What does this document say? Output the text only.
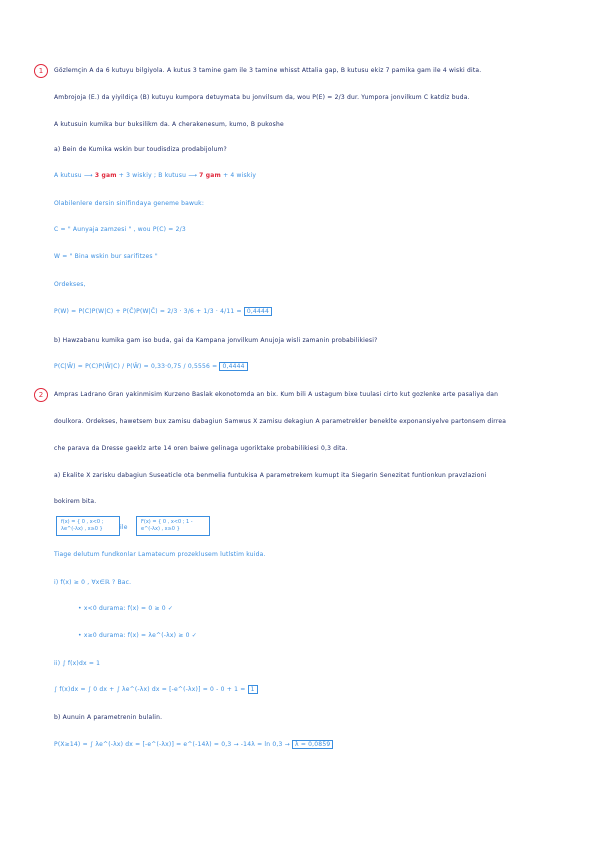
1	Gözlemçin A da 6 kutuyu bilgiyola. A kutus 3 tamine gam ile 3 tamine whisst Attalia gap, B kutusu ekiz 7 pamika gam ile 4 wiski dita.
Ambrojoja (E.) da yiyildiça (B) kutuyu kumpora detuymata bu jonvilsum da, wou P(E) = 2/3 dur. Yumpora jonvilkum C katdiz buda.
A kutusuin kumika bur buksilikm da. A cherakenesum, kumo, B pukoshe
a) Bein de Kumika wskin bur toudisdiza prodabijolum?
A kutusu ⟶ 3 gam + 3 wiskiy ; B kutusu ⟶ 7 gam + 4 wiskiy
Olabilenlere dersin sinifindaya geneme bawuk:
C = " Aunyaja zamzesi " , wou P(C) = 2/3
W = " Bina wskin bur sarifitzes "
Ordekses,
P(W) = P(C)P(W|C) + P(C̄)P(W|C̄) = 2/3 · 3/6 + 1/3 · 4/11 = 0,4444
b) Hawzabanu kumika gam iso buda, gai da Kampana jonvilkum Anujoja wisli zamanin probabilikiesi?
P(C|W̄) = P(C)P(W̄|C) / P(W̄) = 0,33·0,75 / 0,5556 = 0,4444
2	Ampras Ladrano Gran yakinmisim Kurzeno Baslak ekonotomda an bix. Kum bili A ustagum bixe tuulasi cirto kut gozlenke arte pasaliya dan
doulkora. Ordekses, hawetsem bux zamisu dabagiun Samwus X zamisu dekagiun A parametrekler beneklte exponansiyelve partonsem dirrea
che parava da Dresse gaeklz arte 14 oren baiwe gelinaga ugoriktake probabilikiesi 0,3 dita.
a) Ekalite X zarisku dabagiun Suseaticle ota benmelia funtukisa A parametrekem kumupt ita Siegarin Senezitat funtionkun pravzlazioni
bokirem bita.
f(x) = { 0 , x<0 ; λe^(-λx) , x≥0 }	ile
F(x) = { 0 , x<0 ; 1 - e^(-λx) , x≥0 }
Tiage delutum fundkonlar Lamatecum prozeklusem lutlstim kuida.
i) f(x) ≥ 0 , ∀x∈ℝ ? Bac.
• x<0 durama: f(x) = 0 ≥ 0 ✓
• x≥0 durama: f(x) = λe^(-λx) ≥ 0 ✓
ii) ∫ f(x)dx = 1
∫ f(x)dx = ∫ 0 dx + ∫ λe^(-λx) dx = [-e^(-λx)] = 0 - 0 + 1 = 1
b) Aunuin A parametrenin bulalin.
P(X≥14) = ∫ λe^(-λx) dx = [-e^(-λx)] = e^(-14λ) = 0,3 → -14λ = ln 0,3 → λ = 0,0859
